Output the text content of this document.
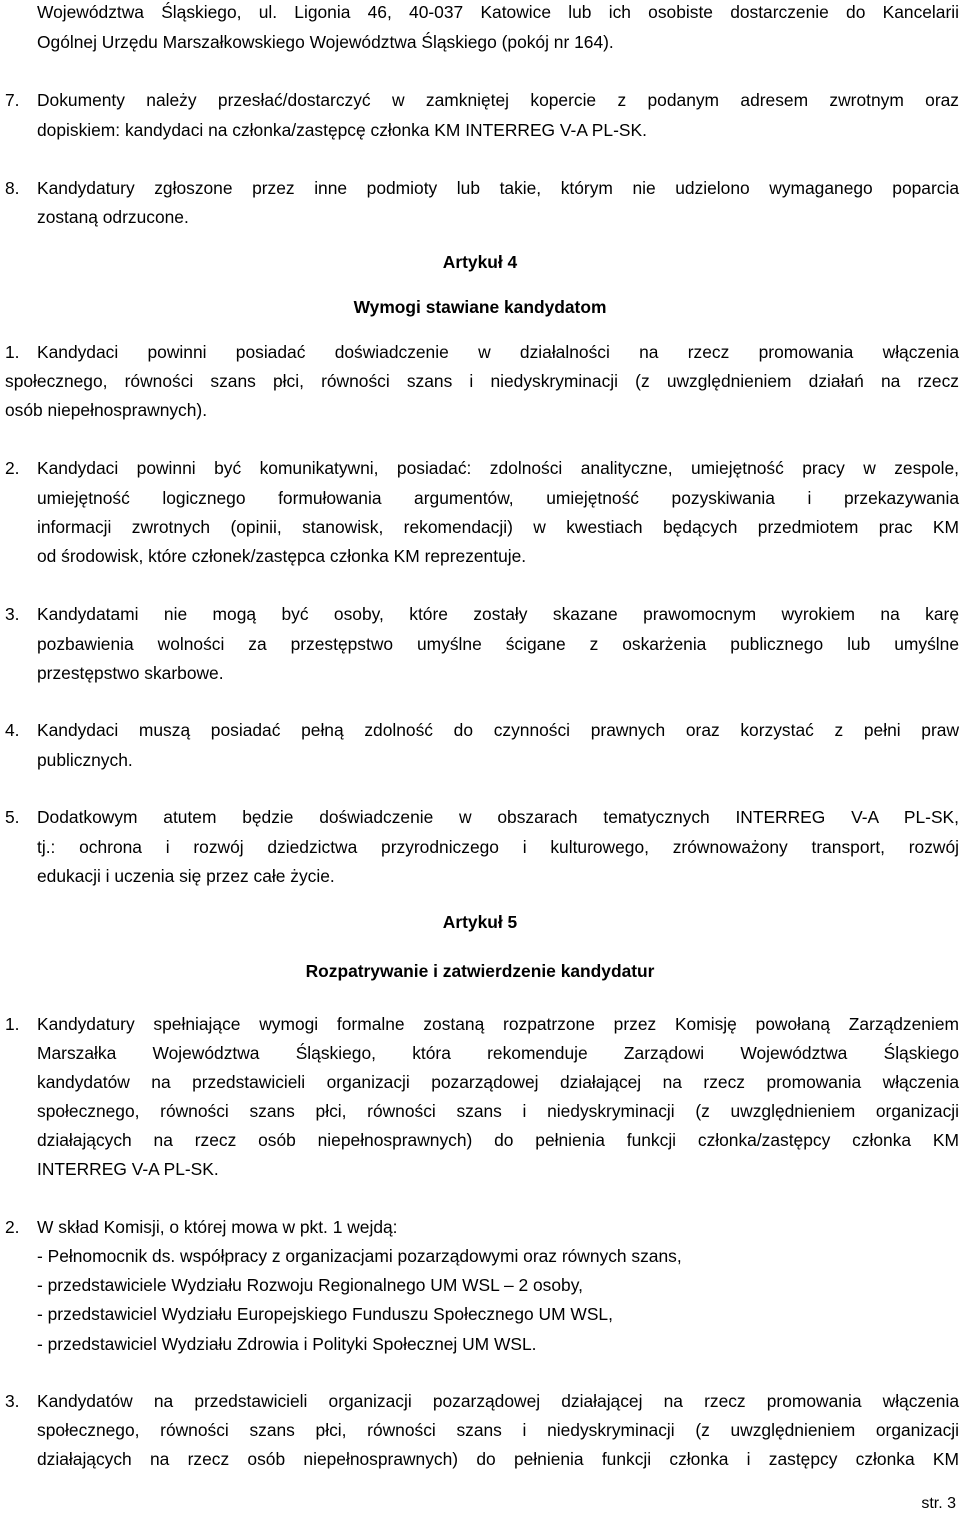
Województwa Śląskiego, ul. Ligonia 46, 40-037 Katowice lub ich osobiste dostarczenie do Kancelarii
Ogólnej Urzędu Marszałkowskiego Województwa Śląskiego (pokój nr 164).
7. Dokumenty należy przesłać/dostarczyć w zamkniętej kopercie z podanym adresem zwrotnym oraz
dopiskiem: kandydaci na członka/zastępcę członka KM INTERREG V-A PL-SK.
8. Kandydatury zgłoszone przez inne podmioty lub takie, którym nie udzielono wymaganego poparcia
zostaną odrzucone.
Artykuł 4
Wymogi stawiane kandydatom
1. Kandydaci powinni posiadać doświadczenie w działalności na rzecz promowania włączenia
społecznego, równości szans płci, równości szans i niedyskryminacji (z uwzględnieniem działań na rzecz
osób niepełnosprawnych).
2. Kandydaci powinni być komunikatywni, posiadać: zdolności analityczne, umiejętność pracy w zespole,
umiejętność logicznego formułowania argumentów, umiejętność pozyskiwania i przekazywania
informacji zwrotnych (opinii, stanowisk, rekomendacji) w kwestiach będących przedmiotem prac KM
od środowisk, które członek/zastępca członka KM reprezentuje.
3. Kandydatami nie mogą być osoby, które zostały skazane prawomocnym wyrokiem na karę
pozbawienia wolności za przestępstwo umyślne ścigane z oskarżenia publicznego lub umyślne
przestępstwo skarbowe.
4. Kandydaci muszą posiadać pełną zdolność do czynności prawnych oraz korzystać z pełni praw
publicznych.
5. Dodatkowym atutem będzie doświadczenie w obszarach tematycznych INTERREG V-A PL-SK,
tj.: ochrona i rozwój dziedzictwa przyrodniczego i kulturowego, zrównoważony transport, rozwój
edukacji i uczenia się przez całe życie.
Artykuł 5
Rozpatrywanie i zatwierdzenie kandydatur
1. Kandydatury spełniające wymogi formalne zostaną rozpatrzone przez Komisję powołaną Zarządzeniem
Marszałka Województwa Śląskiego, która rekomenduje Zarządowi Województwa Śląskiego
kandydatów na przedstawicieli organizacji pozarządowej działającej na rzecz promowania włączenia
społecznego, równości szans płci, równości szans i niedyskryminacji (z uwzględnieniem organizacji
działających na rzecz osób niepełnosprawnych) do pełnienia funkcji członka/zastępcy członka KM
INTERREG V-A PL-SK.
2. W skład Komisji, o której mowa w pkt. 1 wejdą:
- Pełnomocnik ds. współpracy z organizacjami pozarządowymi oraz równych szans,
- przedstawiciele Wydziału Rozwoju Regionalnego UM WSL – 2 osoby,
- przedstawiciel Wydziału Europejskiego Funduszu Społecznego UM WSL,
- przedstawiciel Wydziału Zdrowia i Polityki Społecznej UM WSL.
3. Kandydatów na przedstawicieli organizacji pozarządowej działającej na rzecz promowania włączenia
społecznego, równości szans płci, równości szans i niedyskryminacji (z uwzględnieniem organizacji
działających na rzecz osób niepełnosprawnych) do pełnienia funkcji członka i zastępcy członka KM
str. 3
